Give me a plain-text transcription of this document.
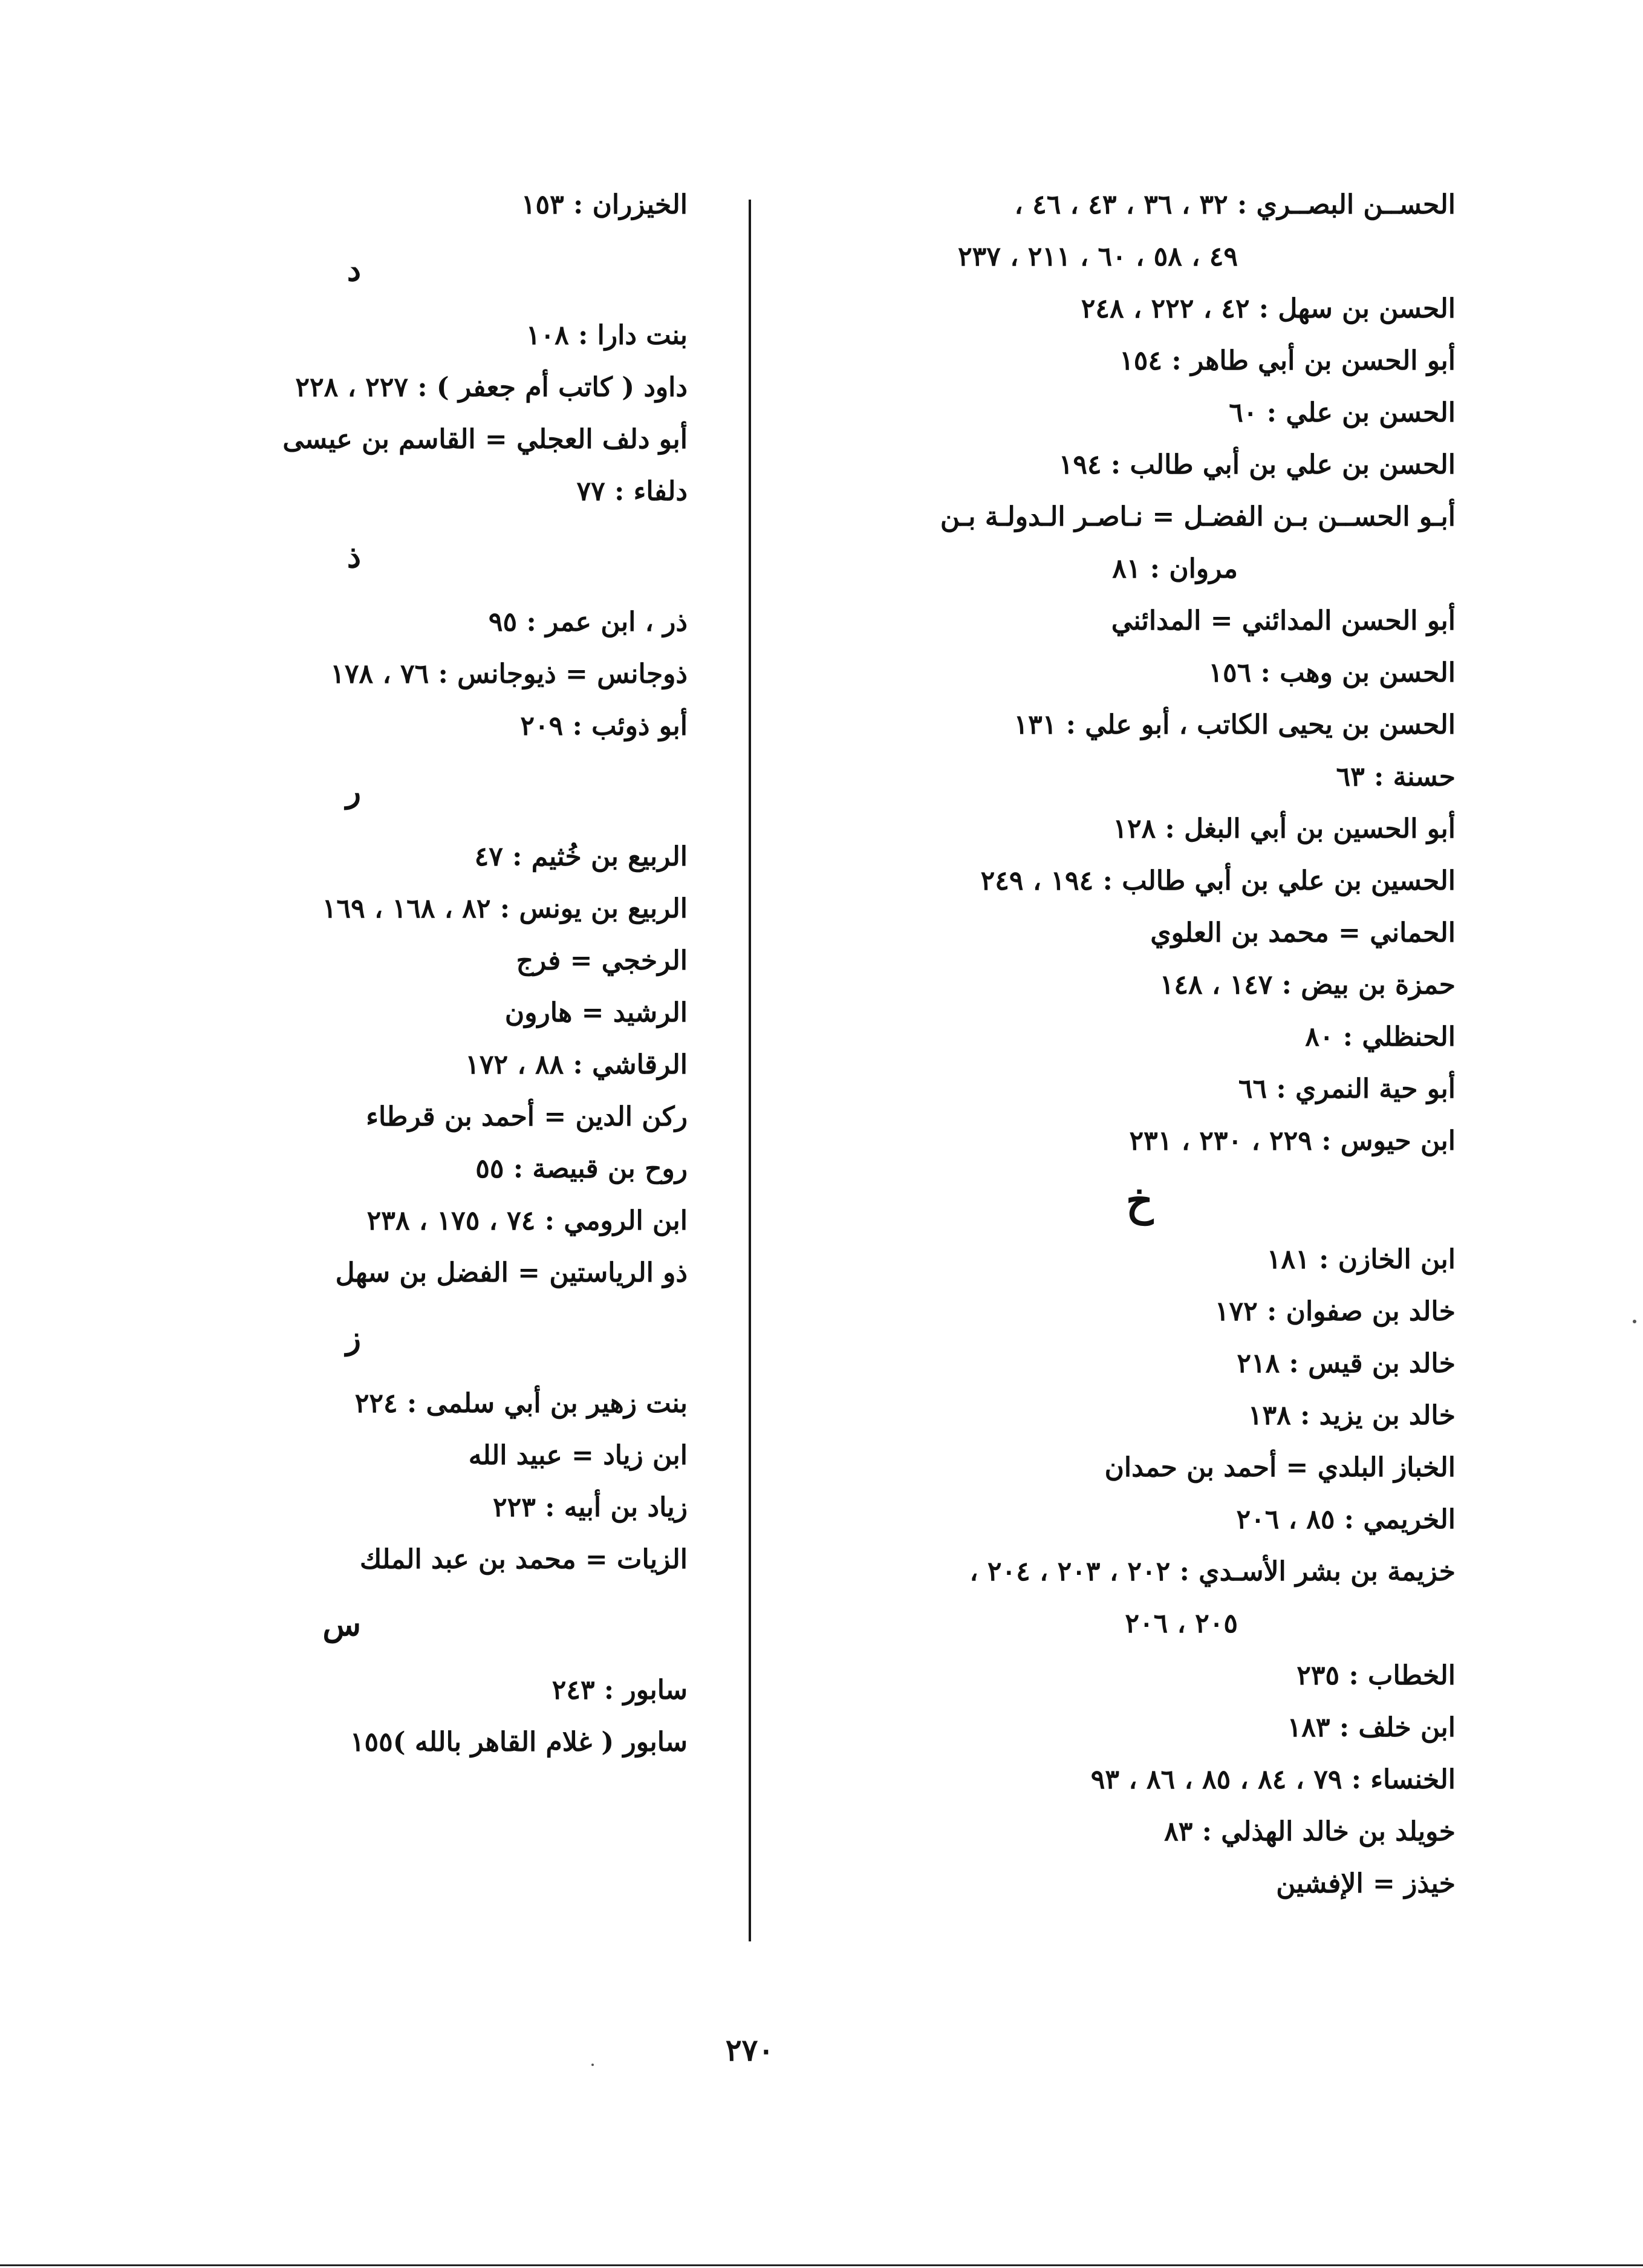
الحســن البصــري : ٣٢ ، ٣٦ ، ٤٣ ، ٤٦ ،
٤٩ ، ٥٨ ، ٦٠ ، ٢١١ ، ٢٣٧
الحسن بن سهل : ٤٢ ، ٢٢٢ ، ٢٤٨
أبو الحسن بن أبي طاهر : ١٥٤
الحسن بن علي : ٦٠
الحسن بن علي بن أبي طالب : ١٩٤
أبـو الحســن بـن الفضـل = نـاصـر الـدولـة بـن
مروان : ٨١
أبو الحسن المدائني = المدائني
الحسن بن وهب : ١٥٦
الحسن بن يحيى الكاتب ، أبو علي : ١٣١
حسنة : ٦٣
أبو الحسين بن أبي البغل : ١٢٨
الحسين بن علي بن أبي طالب : ١٩٤ ، ٢٤٩
الحماني = محمد بن العلوي
حمزة بن بيض : ١٤٧ ، ١٤٨
الحنظلي : ٨٠
أبو حية النمري : ٦٦
ابن حيوس : ٢٢٩ ، ٢٣٠ ، ٢٣١
خ
ابن الخازن : ١٨١
خالد بن صفوان : ١٧٢
خالد بن قيس : ٢١٨
خالد بن يزيد : ١٣٨
الخباز البلدي = أحمد بن حمدان
الخريمي : ٨٥ ، ٢٠٦
خزيمة بن بشر الأسـدي : ٢٠٢ ، ٢٠٣ ، ٢٠٤ ،
٢٠٥ ، ٢٠٦
الخطاب : ٢٣٥
ابن خلف : ١٨٣
الخنساء : ٧٩ ، ٨٤ ، ٨٥ ، ٨٦ ، ٩٣
خويلد بن خالد الهذلي : ٨٣
خيذز = الإفشين
الخيزران : ١٥٣
د
بنت دارا : ١٠٨
داود ( كاتب أم جعفر ) : ٢٢٧ ، ٢٢٨
أبو دلف العجلي = القاسم بن عيسى
دلفاء : ٧٧
ذ
ذر ، ابن عمر : ٩٥
ذوجانس = ذيوجانس : ٧٦ ، ١٧٨
أبو ذوئب : ٢٠٩
ر
الربيع بن خُثيم : ٤٧
الربيع بن يونس : ٨٢ ، ١٦٨ ، ١٦٩
الرخجي = فرج
الرشيد = هارون
الرقاشي : ٨٨ ، ١٧٢
ركن الدين = أحمد بن قرطاء
روح بن قبيصة : ٥٥
ابن الرومي : ٧٤ ، ١٧٥ ، ٢٣٨
ذو الرياستين = الفضل بن سهل
ز
بنت زهير بن أبي سلمى : ٢٢٤
ابن زياد = عبيد الله
زياد بن أبيه : ٢٢٣
الزيات = محمد بن عبد الملك
س
سابور : ٢٤٣
سابور ( غلام القاهر بالله )١٥٥
٢٧٠
